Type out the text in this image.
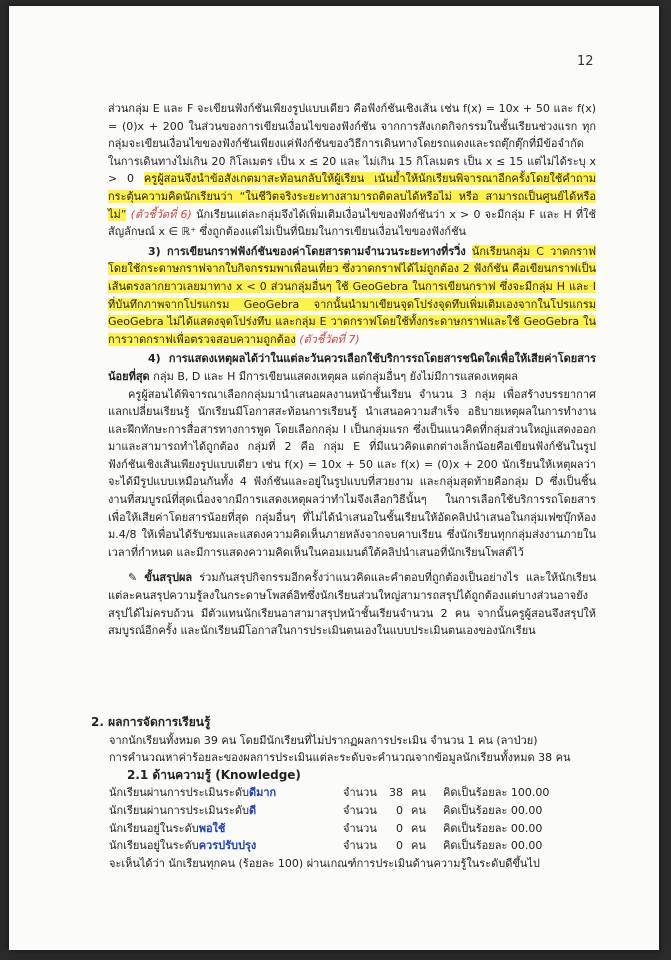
12

ส่วนกลุ่ม E และ F จะเขียนฟังก์ชันเพียงรูปแบบเดียว คือฟังก์ชันเชิงเส้น เช่น f(x) = 10x + 50 และ f(x) = (0)x + 200 ในส่วนของการเขียนเงื่อนไขของฟังก์ชัน จากการสังเกตกิจกรรมในชั้นเรียนช่วงแรก ทุกกลุ่มจะเขียนเงื่อนไขของฟังก์ชันเพียงแค่ฟังก์ชันของวิธีการเดินทางโดยรถแดงและรถตุ๊กตุ๊กที่มีข้อจำกัดในการเดินทางไม่เกิน 20 กิโลเมตร เป็น x ≤ 20 และ ไม่เกิน 15 กิโลเมตร เป็น x ≤ 15 แต่ไม่ได้ระบุ x > 0 ครูผู้สอนจึงนำข้อสังเกตมาสะท้อนกลับให้ผู้เรียน เน้นย้ำให้นักเรียนพิจารณาอีกครั้งโดยใช้คำถามกระตุ้นความคิดนักเรียนว่า “ในชีวิตจริงระยะทางสามารถติดลบได้หรือไม่ หรือ สามารถเป็นศูนย์ได้หรือไม่” (ตัวชี้วัดที่ 6) นักเรียนแต่ละกลุ่มจึงได้เพิ่มเติมเงื่อนไขของฟังก์ชันว่า x > 0 จะมีกลุ่ม F และ H ที่ใช้สัญลักษณ์ x ∈ ℝ⁺ ซึ่งถูกต้องแต่ไม่เป็นที่นิยมในการเขียนเงื่อนไขของฟังก์ชัน

3) การเขียนกราฟฟังก์ชันของค่าโดยสารตามจำนวนระยะทางที่รวิ่ง นักเรียนกลุ่ม C วาดกราฟโดยใช้กระดาษกราฟจากใบกิจกรรมพาเพื่อนเที่ยว ซึ่งวาดกราฟได้ไม่ถูกต้อง 2 ฟังก์ชัน คือเขียนกราฟเป็นเส้นตรงลากยาวเลยมาทาง x < 0 ส่วนกลุ่มอื่นๆ ใช้ GeoGebra ในการเขียนกราฟ ซึ่งจะมีกลุ่ม H และ I ที่บันทึกภาพจากโปรแกรม GeoGebra จากนั้นนำมาเขียนจุดโปร่งจุดทึบเพิ่มเติมเองจากในโปรแกรม GeoGebra ไม่ได้แสดงจุดโปร่งทึบ และกลุ่ม E วาดกราฟโดยใช้ทั้งกระดาษกราฟและใช้ GeoGebra ในการวาดกราฟเพื่อตรวจสอบความถูกต้อง (ตัวชี้วัดที่ 7)

4) การแสดงเหตุผลได้ว่าในแต่ละวันควรเลือกใช้บริการรถโดยสารชนิดใดเพื่อให้เสียค่าโดยสารน้อยที่สุด กลุ่ม B, D และ H มีการเขียนแสดงเหตุผล แต่กลุ่มอื่นๆ ยังไม่มีการแสดงเหตุผล

ครูผู้สอนได้พิจารณาเลือกกลุ่มมานำเสนอผลงานหน้าชั้นเรียน จำนวน 3 กลุ่ม เพื่อสร้างบรรยากาศแลกเปลี่ยนเรียนรู้ นักเรียนมีโอกาสสะท้อนการเรียนรู้ นำเสนอความสำเร็จ อธิบายเหตุผลในการทำงาน และฝึกทักษะการสื่อสารทางการพูด โดยเลือกกลุ่ม I เป็นกลุ่มแรก ซึ่งเป็นแนวคิดที่กลุ่มส่วนใหญ่แสดงออกมาและสามารถทำได้ถูกต้อง กลุ่มที่ 2 คือ กลุ่ม E ที่มีแนวคิดแตกต่างเล็กน้อยคือเขียนฟังก์ชันในรูปฟังก์ชันเชิงเส้นเพียงรูปแบบเดียว เช่น f(x) = 10x + 50 และ f(x) = (0)x + 200 นักเรียนให้เหตุผลว่าจะได้มีรูปแบบเหมือนกันทั้ง 4 ฟังก์ชันและอยู่ในรูปแบบที่สวยงาม และกลุ่มสุดท้ายคือกลุ่ม D ซึ่งเป็นชิ้นงานที่สมบูรณ์ที่สุดเนื่องจากมีการแสดงเหตุผลว่าทำไมจึงเลือกวิธีนั้นๆ ในการเลือกใช้บริการรถโดยสารเพื่อให้เสียค่าโดยสารน้อยที่สุด กลุ่มอื่นๆ ที่ไม่ได้นำเสนอในชั้นเรียนให้อัดคลิปนำเสนอในกลุ่มเฟซบุ๊กห้อง ม.4/8 ให้เพื่อนได้รับชมและแสดงความคิดเห็นภายหลังจากจบคาบเรียน ซึ่งนักเรียนทุกกลุ่มส่งงานภายในเวลาที่กำหนด และมีการแสดงความคิดเห็นในคอมเมนต์ใต้คลิปนำเสนอที่นักเรียนโพสต์ไว้

✎ ขั้นสรุปผล ร่วมกันสรุปกิจกรรมอีกครั้งว่าแนวคิดและคำตอบที่ถูกต้องเป็นอย่างไร และให้นักเรียนแต่ละคนสรุปความรู้ลงในกระดาษโพสต์อิทซึ่งนักเรียนส่วนใหญ่สามารถสรุปได้ถูกต้องแต่บางส่วนอาจยังสรุปได้ไม่ครบถ้วน มีตัวแทนนักเรียนอาสามาสรุปหน้าชั้นเรียนจำนวน 2 คน จากนั้นครูผู้สอนจึงสรุปให้สมบูรณ์อีกครั้ง และนักเรียนมีโอกาสในการประเมินตนเองในแบบประเมินตนเองของนักเรียน

2. ผลการจัดการเรียนรู้
จากนักเรียนทั้งหมด 39 คน โดยมีนักเรียนที่ไม่ปรากฏผลการประเมิน จำนวน 1 คน (ลาป่วย)
การคำนวณหาค่าร้อยละของผลการประเมินแต่ละระดับจะคำนวณจากข้อมูลนักเรียนทั้งหมด 38 คน
2.1 ด้านความรู้ (Knowledge)
นักเรียนผ่านการประเมินระดับดีมาก	จำนวน	38 คน	คิดเป็นร้อยละ 100.00
นักเรียนผ่านการประเมินระดับดี	จำนวน	0 คน	คิดเป็นร้อยละ 00.00
นักเรียนอยู่ในระดับพอใช้	จำนวน	0 คน	คิดเป็นร้อยละ 00.00
นักเรียนอยู่ในระดับควรปรับปรุง	จำนวน	0 คน	คิดเป็นร้อยละ 00.00
จะเห็นได้ว่า นักเรียนทุกคน (ร้อยละ 100) ผ่านเกณฑ์การประเมินด้านความรู้ในระดับดีขึ้นไป
